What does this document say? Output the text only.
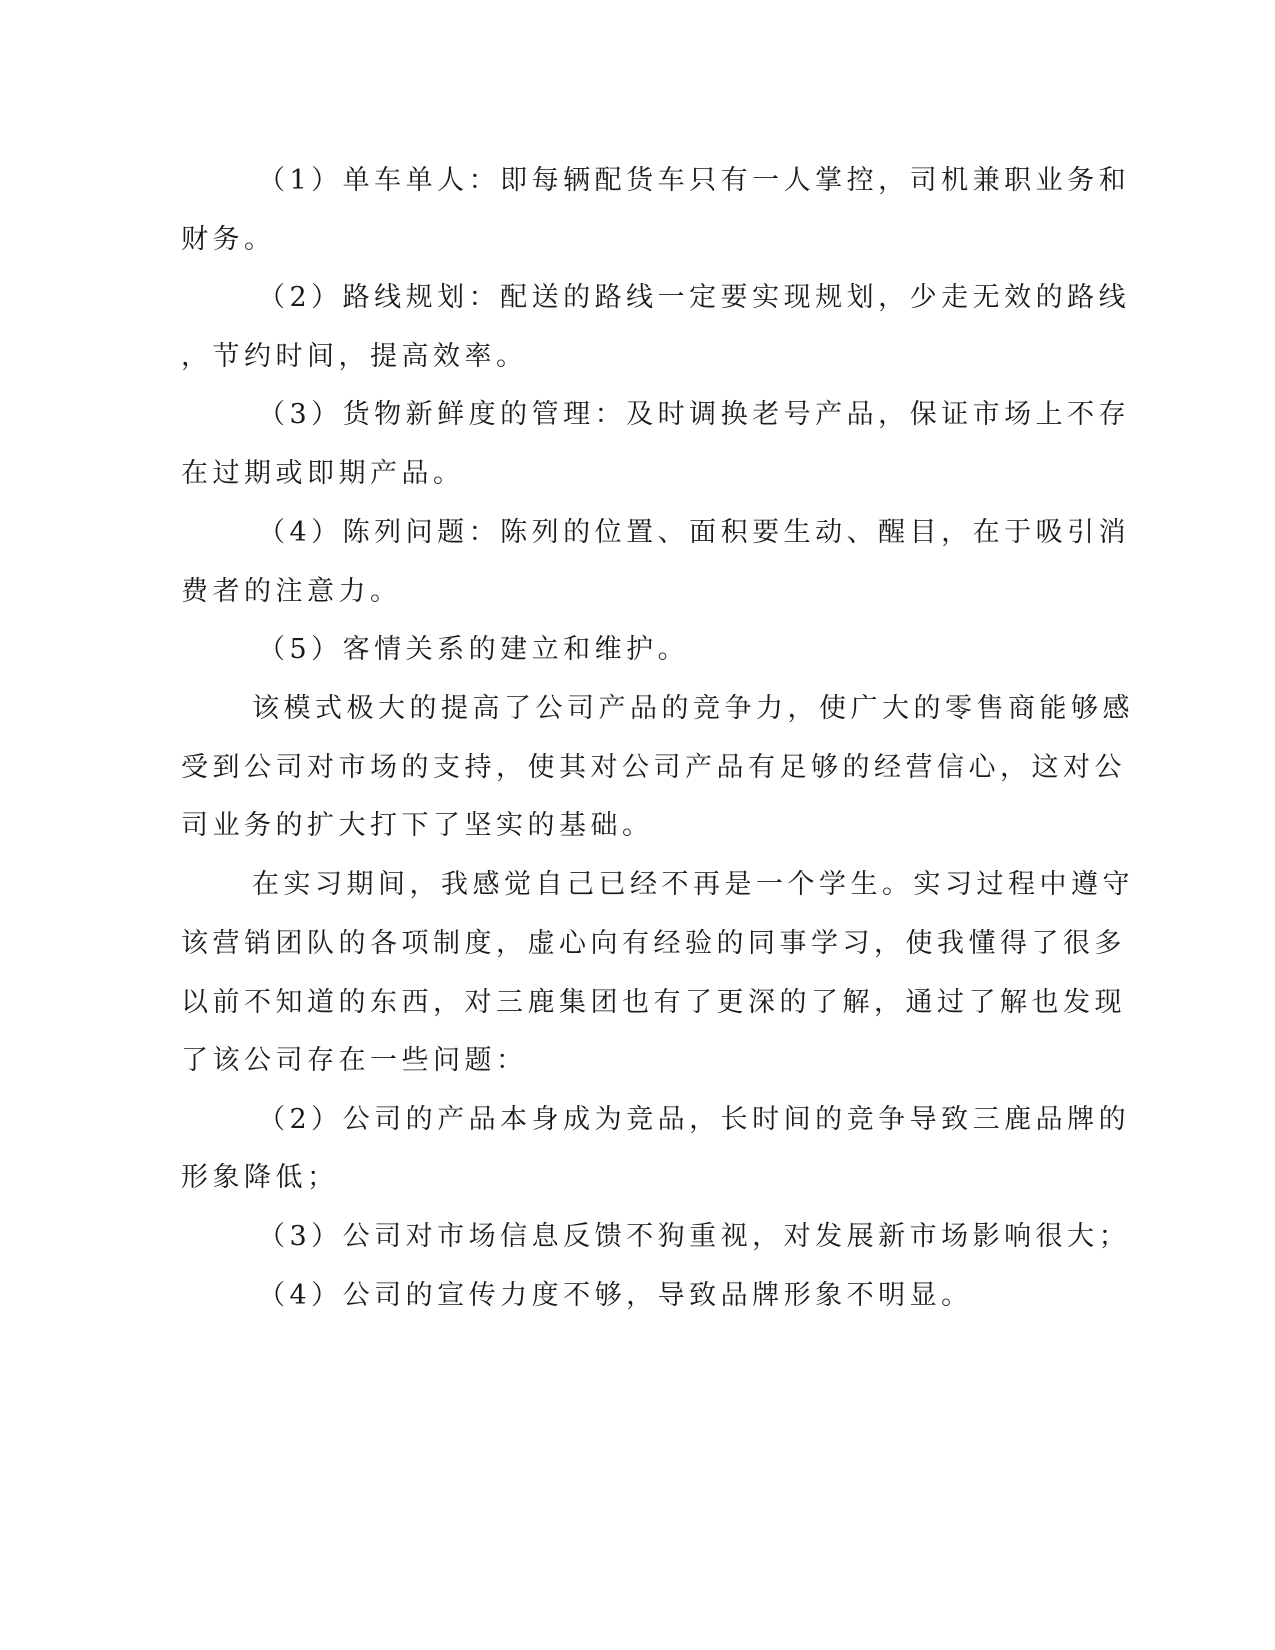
（1）单车单人：即每辆配货车只有一人掌控，司机兼职业务和

财务。

（2）路线规划：配送的路线一定要实现规划，少走无效的路线

，节约时间，提高效率。

（3）货物新鲜度的管理：及时调换老号产品，保证市场上不存

在过期或即期产品。

（4）陈列问题：陈列的位置、面积要生动、醒目，在于吸引消

费者的注意力。

（5）客情关系的建立和维护。

该模式极大的提高了公司产品的竞争力，使广大的零售商能够感

受到公司对市场的支持，使其对公司产品有足够的经营信心，这对公

司业务的扩大打下了坚实的基础。

在实习期间，我感觉自己已经不再是一个学生。实习过程中遵守

该营销团队的各项制度，虚心向有经验的同事学习，使我懂得了很多

以前不知道的东西，对三鹿集团也有了更深的了解，通过了解也发现

了该公司存在一些问题：

（2）公司的产品本身成为竞品，长时间的竞争导致三鹿品牌的

形象降低；

（3）公司对市场信息反馈不狗重视，对发展新市场影响很大；

（4）公司的宣传力度不够，导致品牌形象不明显。
